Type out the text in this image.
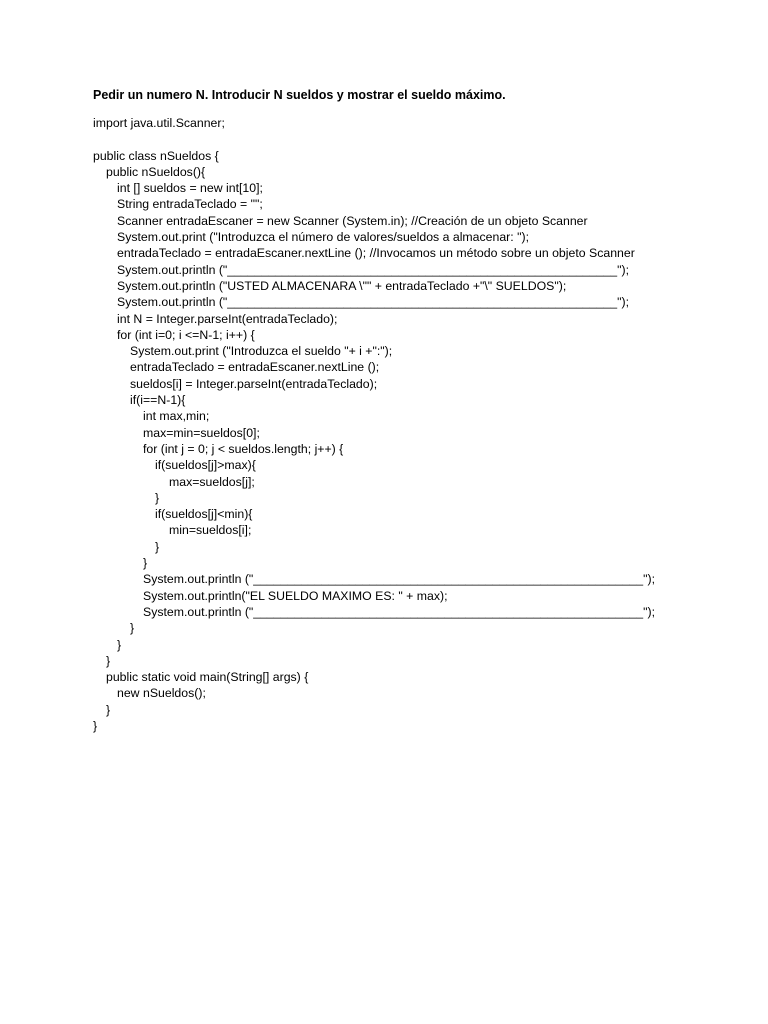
Pedir un numero N. Introducir N sueldos y mostrar el sueldo máximo.
import java.util.Scanner;
public class nSueldos {
public nSueldos(){
int [] sueldos = new int[10];
String entradaTeclado = "";
Scanner entradaEscaner = new Scanner (System.in); //Creación de un objeto Scanner
System.out.print ("Introduzca el número de valores/sueldos a almacenar: ");
entradaTeclado = entradaEscaner.nextLine (); //Invocamos un método sobre un objeto Scanner
System.out.println ("_________________________________________________________");
System.out.println ("USTED ALMACENARA \"" + entradaTeclado +"\" SUELDOS");
System.out.println ("_________________________________________________________");
int N = Integer.parseInt(entradaTeclado);
for (int i=0; i <=N-1; i++) {
System.out.print ("Introduzca el sueldo "+ i +":");
entradaTeclado = entradaEscaner.nextLine ();
sueldos[i] = Integer.parseInt(entradaTeclado);
if(i==N-1){
int max,min;
max=min=sueldos[0];
for (int j = 0; j < sueldos.length; j++) {
if(sueldos[j]>max){
max=sueldos[j];
}
if(sueldos[j]<min){
min=sueldos[i];
}
}
System.out.println ("_________________________________________________________");
System.out.println("EL SUELDO MAXIMO ES: " + max);
System.out.println ("_________________________________________________________");
}
}
}
public static void main(String[] args) {
new nSueldos();
}
}
